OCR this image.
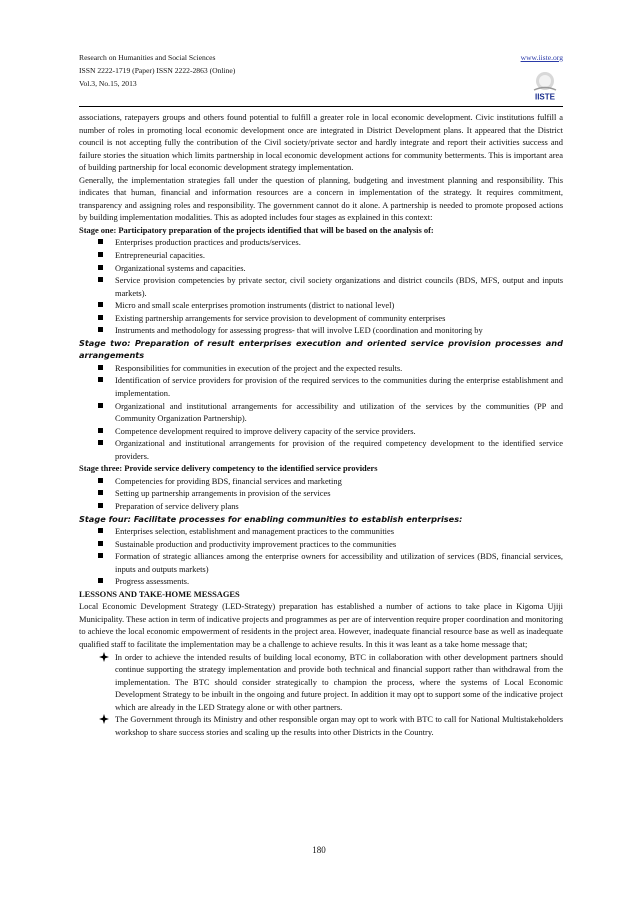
Research on Humanities and Social Sciences
ISSN 2222-1719 (Paper) ISSN 2222-2863 (Online)
Vol.3, No.15, 2013
www.iiste.org
IISTE

associations, ratepayers groups and others found potential to fulfill a greater role in local economic development. Civic institutions fulfill a number of roles in promoting local economic development once are integrated in District Development plans. It appeared that the District council is not accepting fully the contribution of the Civil society/private sector and hardly integrate and report their activities success and failure stories the situation which limits partnership in local economic development actions for community betterments. This is important area of building partnership for local economic development strategy implementation.

Generally, the implementation strategies fall under the question of planning, budgeting and investment planning and responsibility. This indicates that human, financial and information resources are a concern in implementation of the strategy. It requires commitment, transparency and assigning roles and responsibility. The government cannot do it alone. A partnership is needed to promote proposed actions by building implementation modalities. This as adopted includes four stages as explained in this context:

Stage one: Participatory preparation of the projects identified that will be based on the analysis of:

Enterprises production practices and products/services.
Entrepreneurial capacities.
Organizational systems and capacities.
Service provision competencies by private sector, civil society organizations and district councils (BDS, MFS, output and inputs markets).
Micro and small scale enterprises promotion instruments (district to national level)
Existing partnership arrangements for service provision to development of community enterprises
Instruments and methodology for assessing progress- that will involve LED (coordination and monitoring by

Stage two: Preparation of result enterprises execution and oriented service provision processes and arrangements

Responsibilities for communities in execution of the project and the expected results.
Identification of service providers for provision of the required services to the communities during the enterprise establishment and implementation.
Organizational and institutional arrangements for accessibility and utilization of the services by the communities (PP and Community Organization Partnership).
Competence development required to improve delivery capacity of the service providers.
Organizational and institutional arrangements for provision of the required competency development to the identified service providers.

Stage three: Provide service delivery competency to the identified service providers

Competencies for providing BDS, financial services and marketing
Setting up partnership arrangements in provision of the services
Preparation of service delivery plans

Stage four: Facilitate processes for enabling communities to establish enterprises:

Enterprises selection, establishment and management practices to the communities
Sustainable production and productivity improvement practices to the communities
Formation of strategic alliances among the enterprise owners for accessibility and utilization of services (BDS, financial services, inputs and outputs markets)
Progress assessments.

LESSONS AND TAKE-HOME MESSAGES

Local Economic Development Strategy (LED-Strategy) preparation has established a number of actions to take place in Kigoma Ujiji Municipality. These action in term of indicative projects and programmes as per are of intervention require proper coordination and monitoring to achieve the local economic empowerment of residents in the project area. However, inadequate financial resource base as well as inadequate qualified staff to facilitate the implementation may be a challenge to achieve results. In this it was leant as a take home message that;

In order to achieve the intended results of building local economy, BTC in collaboration with other development partners should continue supporting the strategy implementation and provide both technical and financial support rather than withdrawal from the implementation. The BTC should consider strategically to champion the process, where the systems of Local Economic Development Strategy to be inbuilt in the ongoing and future project. In addition it may opt to support some of the indicative project which are already in the LED Strategy alone or with other partners.
The Government through its Ministry and other responsible organ may opt to work with BTC to call for National Multistakeholders workshop to share success stories and scaling up the results into other Districts in the Country.
180
